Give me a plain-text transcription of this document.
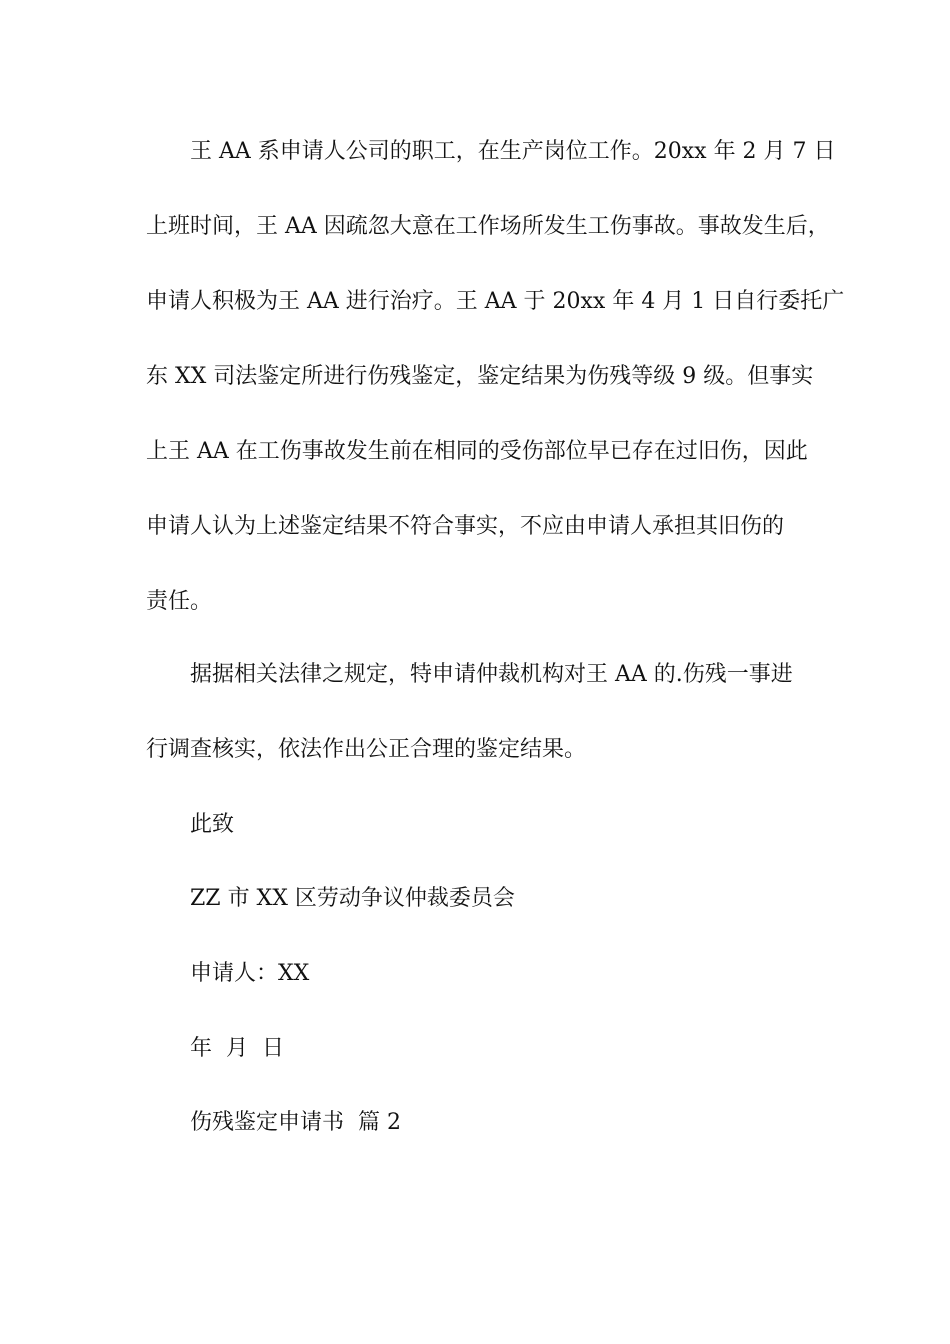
王 AA 系申请人公司的职工，在生产岗位工作。20xx 年 2 月 7 日
上班时间，王 AA 因疏忽大意在工作场所发生工伤事故。事故发生后，
申请人积极为王 AA 进行治疗。王 AA 于 20xx 年 4 月 1 日自行委托广
东 XX 司法鉴定所进行伤残鉴定，鉴定结果为伤残等级 9 级。但事实
上王 AA 在工伤事故发生前在相同的受伤部位早已存在过旧伤，因此
申请人认为上述鉴定结果不符合事实，不应由申请人承担其旧伤的
责任。
据据相关法律之规定，特申请仲裁机构对王 AA 的.伤残一事进
行调查核实，依法作出公正合理的鉴定结果。
此致
ZZ 市 XX 区劳动争议仲裁委员会
申请人：XX
年  月  日
伤残鉴定申请书  篇 2
